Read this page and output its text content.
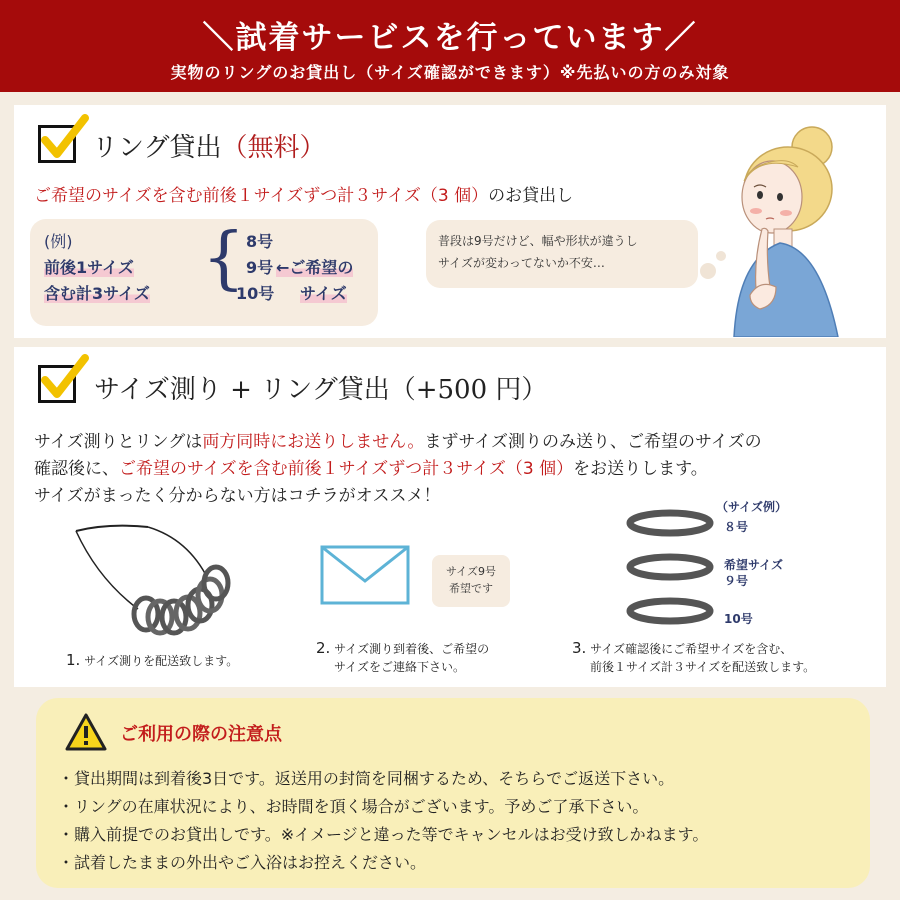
＼試着サービスを行っています／
実物のリングのお貸出し（サイズ確認ができます）※先払いの方のみ対象
リング貸出（無料）
ご希望のサイズを含む前後１サイズずつ計３サイズ（3 個）のお貸出し
(例)
前後1サイズ
含む計3サイズ { 8号
9号 ←ご希望の
10号 サイズ
普段は9号だけど、幅や形状が違うし
サイズが変わってないか不安…
サイズ測り + リング貸出（+500 円）
サイズ測りとリングは両方同時にお送りしません。まずサイズ測りのみ送り、ご希望のサイズの
確認後に、ご希望のサイズを含む前後１サイズずつ計３サイズ（3 個）をお送りします。
サイズがまったく分からない方はコチラがオススメ！
1. サイズ測りを配送致します。
サイズ9号
希望です
2. サイズ測り到着後、ご希望の
サイズをご連絡下さい。
（サイズ例）
８号
希望サイズ
９号
10号
3. サイズ確認後にご希望サイズを含む、
前後１サイズ計３サイズを配送致します。
ご利用の際の注意点
・貸出期間は到着後3日です。返送用の封筒を同梱するため、そちらでご返送下さい。
・リングの在庫状況により、お時間を頂く場合がございます。予めご了承下さい。
・購入前提でのお貸出しです。※イメージと違った等でキャンセルはお受け致しかねます。
・試着したままの外出やご入浴はお控えください。
